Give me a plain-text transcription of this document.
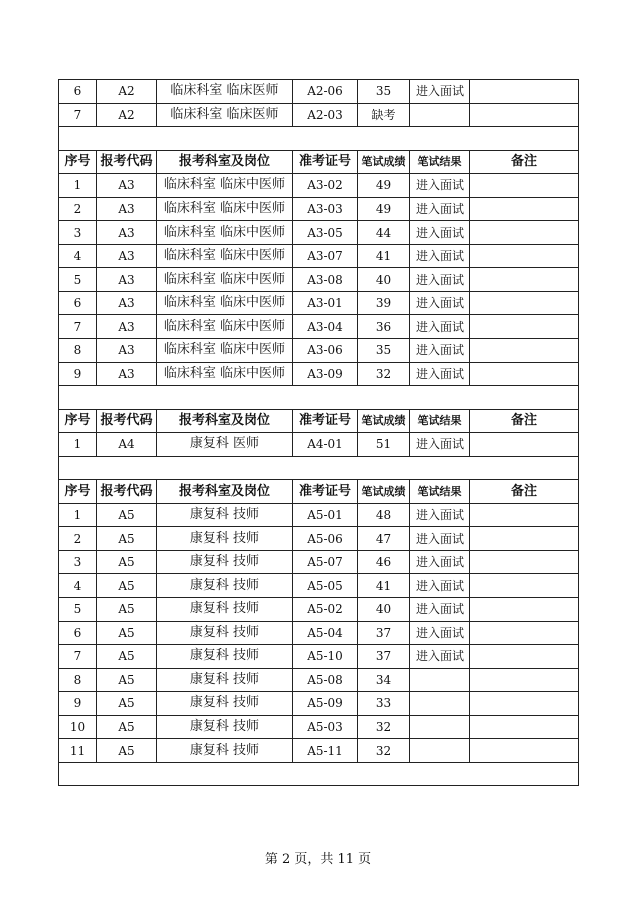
6	A2	临床科室 临床医师	A2-06	35	进入面试	
7	A2	临床科室 临床医师	A2-03	缺考		

序号	报考代码	报考科室及岗位	准考证号	笔试成绩	笔试结果	备注
1	A3	临床科室 临床中医师	A3-02	49	进入面试	
2	A3	临床科室 临床中医师	A3-03	49	进入面试	
3	A3	临床科室 临床中医师	A3-05	44	进入面试	
4	A3	临床科室 临床中医师	A3-07	41	进入面试	
5	A3	临床科室 临床中医师	A3-08	40	进入面试	
6	A3	临床科室 临床中医师	A3-01	39	进入面试	
7	A3	临床科室 临床中医师	A3-04	36	进入面试	
8	A3	临床科室 临床中医师	A3-06	35	进入面试	
9	A3	临床科室 临床中医师	A3-09	32	进入面试	

序号	报考代码	报考科室及岗位	准考证号	笔试成绩	笔试结果	备注
1	A4	康复科 医师	A4-01	51	进入面试	

序号	报考代码	报考科室及岗位	准考证号	笔试成绩	笔试结果	备注
1	A5	康复科 技师	A5-01	48	进入面试	
2	A5	康复科 技师	A5-06	47	进入面试	
3	A5	康复科 技师	A5-07	46	进入面试	
4	A5	康复科 技师	A5-05	41	进入面试	
5	A5	康复科 技师	A5-02	40	进入面试	
6	A5	康复科 技师	A5-04	37	进入面试	
7	A5	康复科 技师	A5-10	37	进入面试	
8	A5	康复科 技师	A5-08	34		
9	A5	康复科 技师	A5-09	33		
10	A5	康复科 技师	A5-03	32		
11	A5	康复科 技师	A5-11	32		

第 2 页，共 11 页
